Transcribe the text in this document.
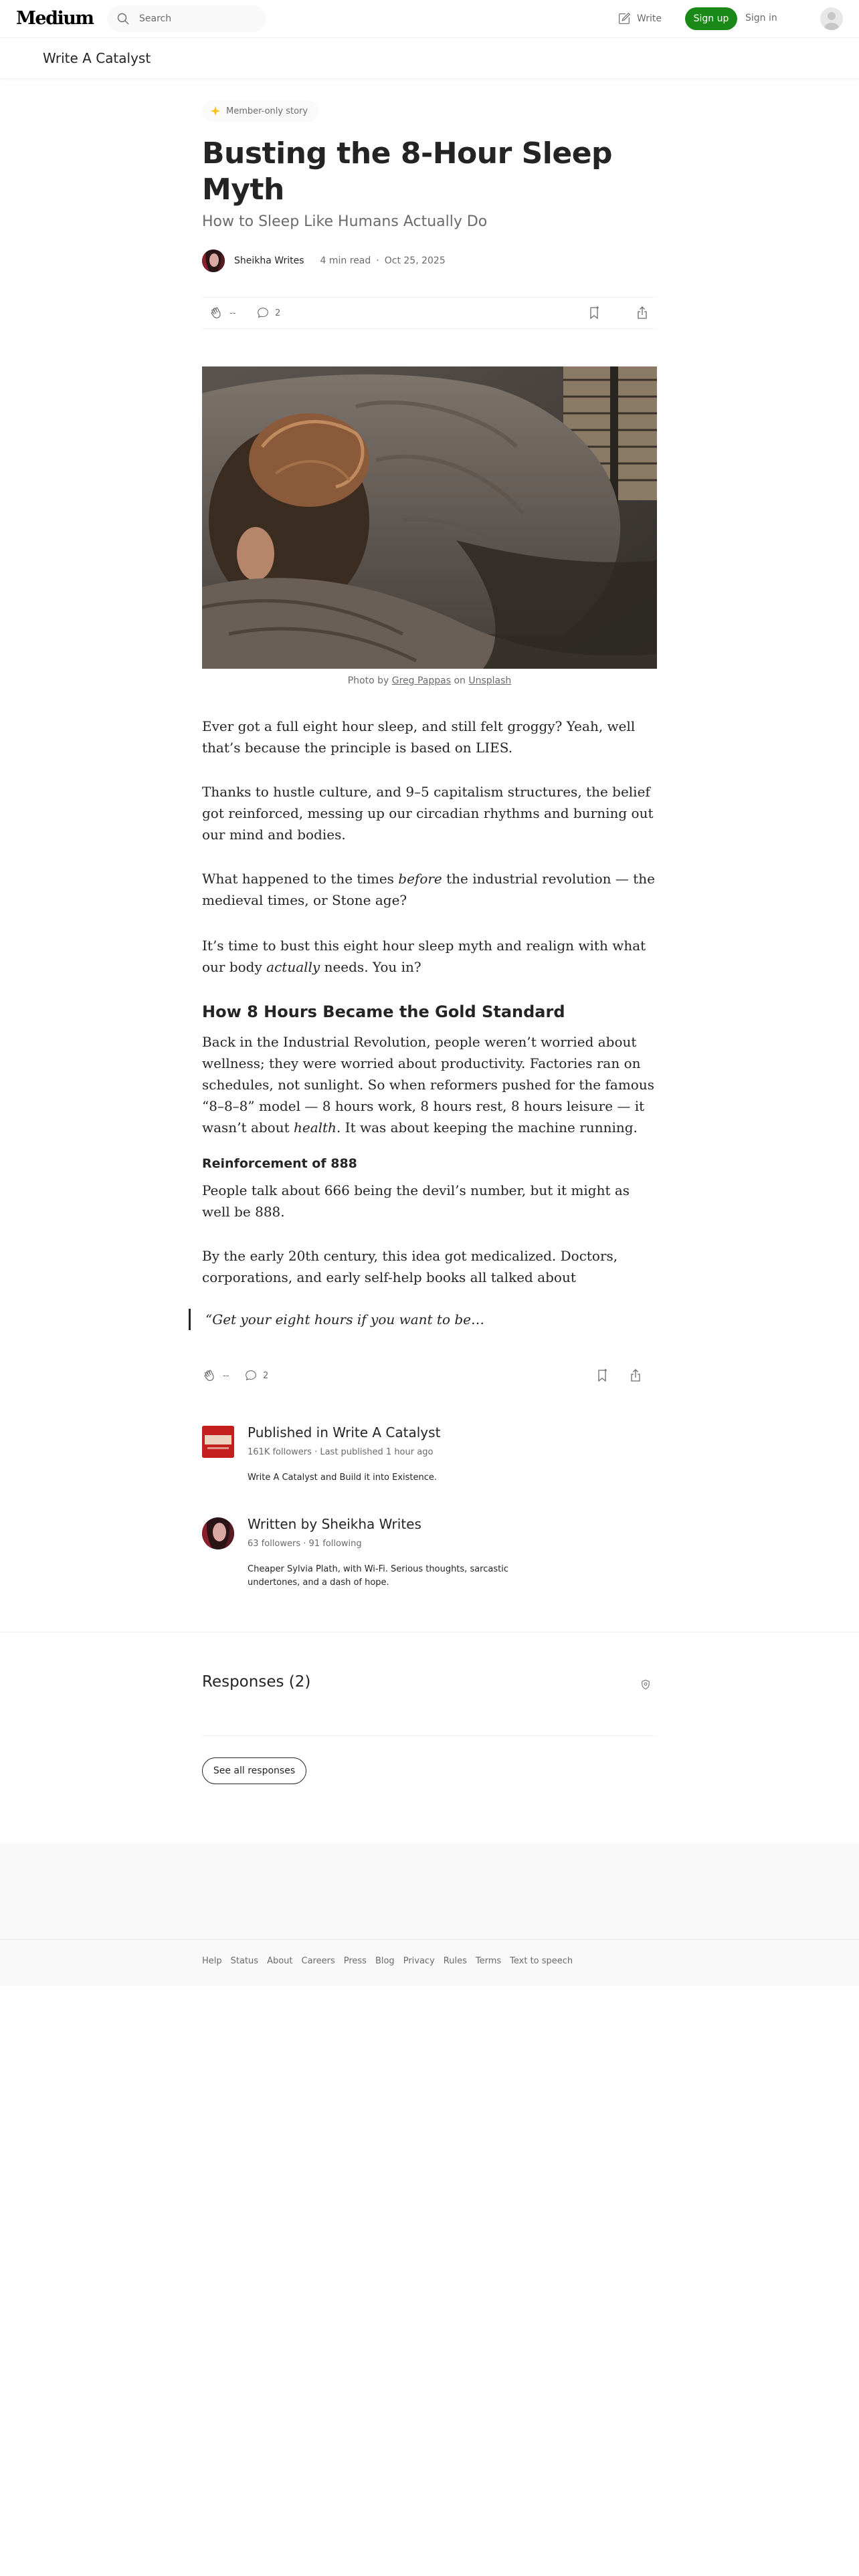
Medium
Search	Write	Sign up	Sign in
Write A Catalyst
Member-only story
Busting the 8-Hour Sleep Myth
How to Sleep Like Humans Actually Do
Sheikha Writes 4 min read · Oct 25, 2025
--	2
Photo by Greg Pappas on Unsplash

Ever got a full eight hour sleep, and still felt groggy? Yeah, well that’s because the principle is based on LIES.

Thanks to hustle culture, and 9–5 capitalism structures, the belief got reinforced, messing up our circadian rhythms and burning out our mind and bodies.

What happened to the times before the industrial revolution — the medieval times, or Stone age?

It’s time to bust this eight hour sleep myth and realign with what our body actually needs. You in?

How 8 Hours Became the Gold Standard

Back in the Industrial Revolution, people weren’t worried about wellness; they were worried about productivity. Factories ran on schedules, not sunlight. So when reformers pushed for the famous “8–8–8” model — 8 hours work, 8 hours rest, 8 hours leisure — it wasn’t about health. It was about keeping the machine running.

Reinforcement of 888

People talk about 666 being the devil’s number, but it might as well be 888.

By the early 20th century, this idea got medicalized. Doctors, corporations, and early self-help books all talked about

“Get your eight hours if you want to be…
--	2
Published in Write A Catalyst
161K followers · Last published 1 hour ago
Write A Catalyst and Build it into Existence.
Written by Sheikha Writes
63 followers · 91 following
Cheaper Sylvia Plath, with Wi-Fi. Serious thoughts, sarcastic undertones, and a dash of hope.
Responses (2)
See all responses
Help Status About Careers Press Blog Privacy Rules Terms Text to speech
